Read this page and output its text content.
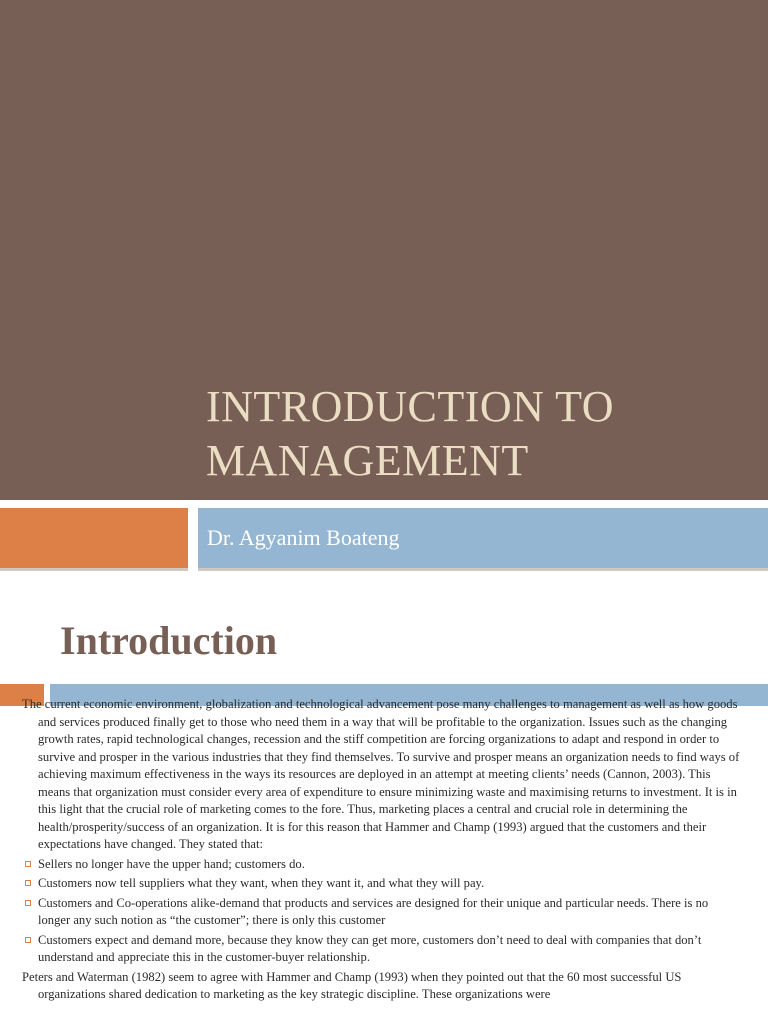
INTRODUCTION TO
MANAGEMENT
Dr. Agyanim Boateng
Introduction

The current economic environment, globalization and technological advancement pose many challenges to management as well as how goods and services produced finally get to those who need them in a way that will be profitable to the organization. Issues such as the changing growth rates, rapid technological changes, recession and the stiff competition are forcing organizations to adapt and respond in order to survive and prosper in the various industries that they find themselves. To survive and prosper means an organization needs to find ways of achieving maximum effectiveness in the ways its resources are deployed in an attempt at meeting clients’ needs (Cannon, 2003). This means that organization must consider every area of expenditure to ensure minimizing waste and maximising returns to investment. It is in this light that the crucial role of marketing comes to the fore. Thus, marketing places a central and crucial role in determining the health/prosperity/success of an organization. It is for this reason that Hammer and Champ (1993) argued that the customers and their expectations have changed. They stated that:

Sellers no longer have the upper hand; customers do.
Customers now tell suppliers what they want, when they want it, and what they will pay.
Customers and Co-operations alike-demand that products and services are designed for their unique and particular needs. There is no longer any such notion as “the customer”; there is only this customer
Customers expect and demand more, because they know they can get more, customers don’t need to deal with companies that don’t understand and appreciate this in the customer-buyer relationship.

Peters and Waterman (1982) seem to agree with Hammer and Champ (1993) when they pointed out that the 60 most successful US organizations shared dedication to marketing as the key strategic discipline. These organizations were
